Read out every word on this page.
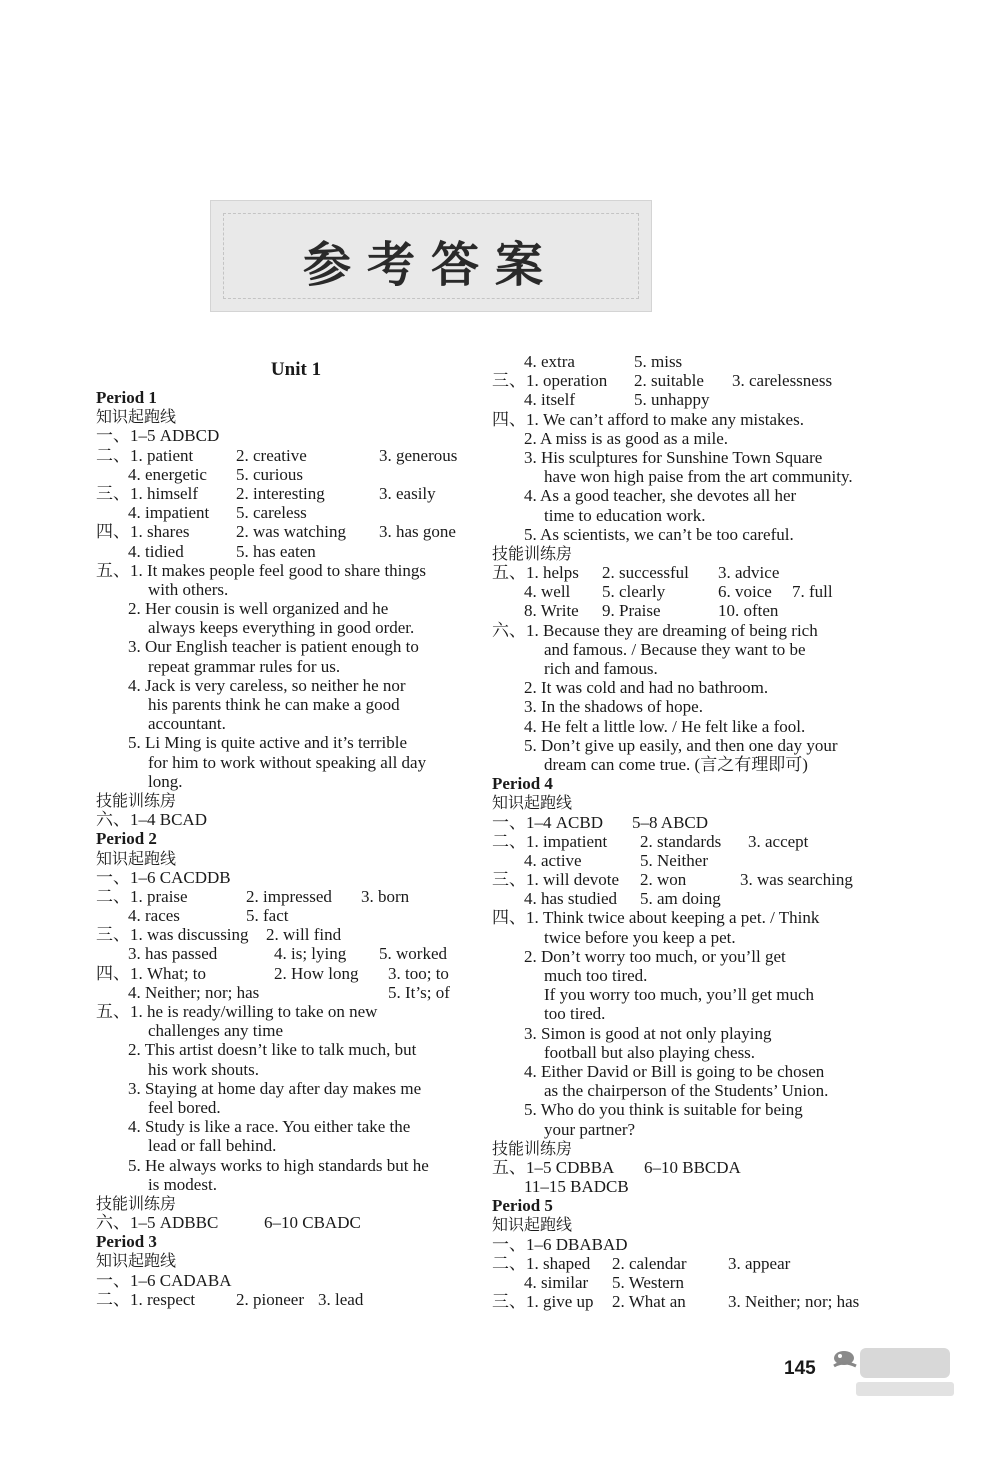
参考答案
Unit 1
Period 1
知识起跑线
一、1–5 ADBCD
二、1. patient	2. creative	3. generous
4. energetic 5. curious
三、1. himself 2. interesting	3. easily
4. impatient 5. careless
四、1. shares	2. was watching 3. has gone
4. tidied	5. has eaten
五、1. It makes people feel good to share things
with others.
2. Her cousin is well organized and he
always keeps everything in good order.
3. Our English teacher is patient enough to
repeat grammar rules for us.
4. Jack is very careless, so neither he nor
his parents think he can make a good
accountant.
5. Li Ming is quite active and it’s terrible
for him to work without speaking all day
long.
技能训练房
六、1–4 BCAD
Period 2
知识起跑线
一、1–6 CACDDB
二、1. praise	2. impressed 3. born
4. races	5. fact
三、1. was discussing 2. will find
3. has passed	4. is; lying 5. worked
四、1. What; to	2. How long 3. too; to
4. Neither; nor; has	5. It’s; of
五、1. he is ready/willing to take on new
challenges any time
2. This artist doesn’t like to talk much, but
his work shouts.
3. Staying at home day after day makes me
feel bored.
4. Study is like a race. You either take the
lead or fall behind.
5. He always works to high standards but he
is modest.
技能训练房
六、1–5 ADBBC	6–10 CBADC
Period 3
知识起跑线
一、1–6 CADABA
二、1. respect 2. pioneer 3. lead
4. extra	5. miss
三、1. operation 2. suitable 3. carelessness
4. itself	5. unhappy
四、1. We can’t afford to make any mistakes.
2. A miss is as good as a mile.
3. His sculptures for Sunshine Town Square
have won high paise from the art community.
4. As a good teacher, she devotes all her
time to education work.
5. As scientists, we can’t be too careful.
技能训练房
五、1. helps 2. successful 3. advice
4. well 5. clearly	6. voice 7. full
8. Write 9. Praise	10. often
六、1. Because they are dreaming of being rich
and famous. / Because they want to be
rich and famous.
2. It was cold and had no bathroom.
3. In the shadows of hope.
4. He felt a little low. / He felt like a fool.
5. Don’t give up easily, and then one day your
dream can come true. (言之有理即可)
Period 4
知识起跑线
一、1–4 ACBD 5–8 ABCD
二、1. impatient 2. standards 3. accept
4. active	5. Neither
三、1. will devote 2. won	3. was searching
4. has studied 5. am doing
四、1. Think twice about keeping a pet. / Think
twice before you keep a pet.
2. Don’t worry too much, or you’ll get
much too tired.
If you worry too much, you’ll get much
too tired.
3. Simon is good at not only playing
football but also playing chess.
4. Either David or Bill is going to be chosen
as the chairperson of the Students’ Union.
5. Who do you think is suitable for being
your partner?
技能训练房
五、1–5 CDBBA 6–10 BBCDA
11–15 BADCB
Period 5
知识起跑线
一、1–6 DBABAD
二、1. shaped 2. calendar 3. appear
4. similar 5. Western
三、1. give up 2. What an 3. Neither; nor; has
145
